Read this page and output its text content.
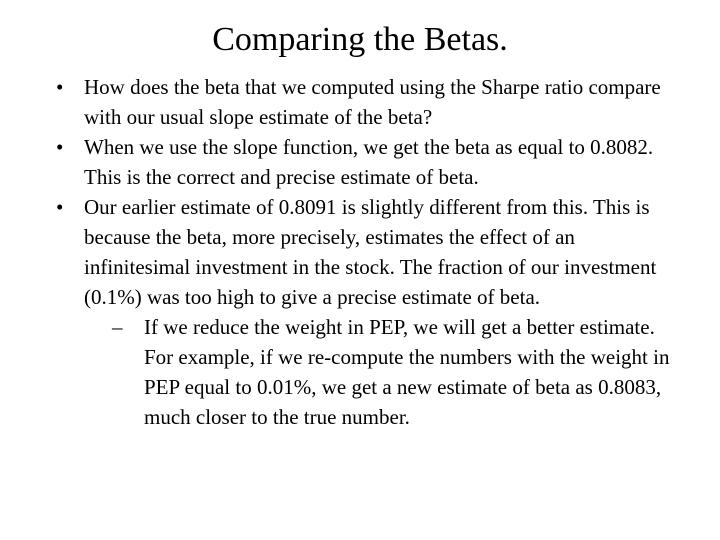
Comparing the Betas.
• How does the beta that we computed using the Sharpe ratio compare with our usual slope estimate of the beta?
• When we use the slope function, we get the beta as equal to 0.8082. This is the correct and precise estimate of beta.
• Our earlier estimate of 0.8091 is slightly different from this. This is because the beta, more precisely, estimates the effect of an infinitesimal investment in the stock. The fraction of our investment (0.1%) was too high to give a precise estimate of beta.
– If we reduce the weight in PEP, we will get a better estimate. For example, if we re-compute the numbers with the weight in PEP equal to 0.01%, we get a new estimate of beta as 0.8083, much closer to the true number.
